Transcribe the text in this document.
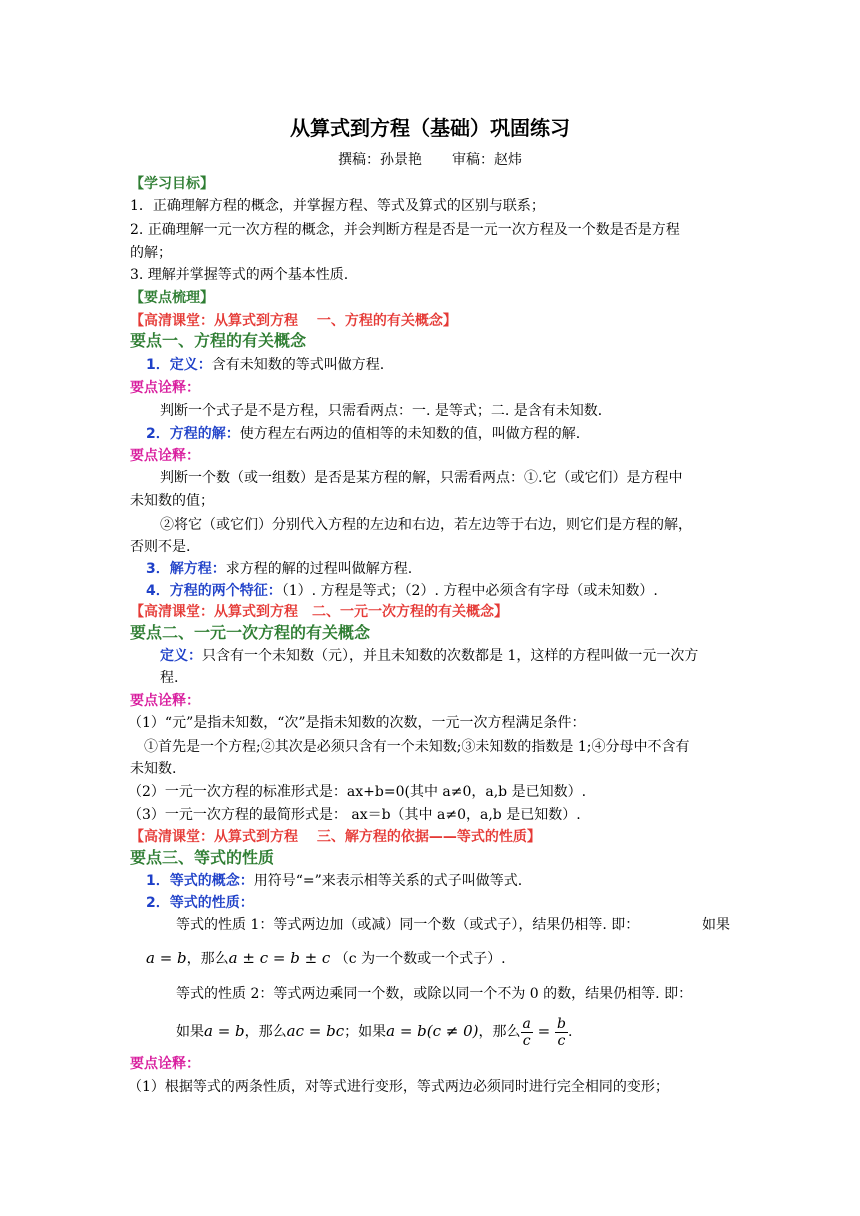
从算式到方程（基础）巩固练习
撰稿：孙景艳 审稿：赵炜
【学习目标】
1．正确理解方程的概念，并掌握方程、等式及算式的区别与联系；
2. 正确理解一元一次方程的概念，并会判断方程是否是一元一次方程及一个数是否是方程
的解；
3. 理解并掌握等式的两个基本性质.
【要点梳理】
【高清课堂：从算式到方程　 一、方程的有关概念】
要点一、方程的有关概念
1．定义：含有未知数的等式叫做方程.
要点诠释：
判断一个式子是不是方程，只需看两点：一. 是等式；二. 是含有未知数．
2．方程的解：使方程左右两边的值相等的未知数的值，叫做方程的解.
要点诠释：
判断一个数（或一组数）是否是某方程的解，只需看两点：①.它（或它们）是方程中
未知数的值；
②将它（或它们）分别代入方程的左边和右边，若左边等于右边，则它们是方程的解，
否则不是.
3．解方程：求方程的解的过程叫做解方程.
4．方程的两个特征：（1）. 方程是等式；（2）. 方程中必须含有字母（或未知数）.
【高清课堂：从算式到方程　二、一元一次方程的有关概念】
要点二、一元一次方程的有关概念
定义：只含有一个未知数（元），并且未知数的次数都是 1，这样的方程叫做一元一次方
程.
要点诠释：
（1）“元”是指未知数，“次”是指未知数的次数，一元一次方程满足条件：
①首先是一个方程;②其次是必须只含有一个未知数;③未知数的指数是 1;④分母中不含有
未知数.
（2）一元一次方程的标准形式是：ax+b=0(其中 a≠0，a,b 是已知数）.
（3）一元一次方程的最简形式是： ax＝b（其中 a≠0，a,b 是已知数）.
【高清课堂：从算式到方程　 三、解方程的依据——等式的性质】
要点三、等式的性质
1．等式的概念：用符号“=”来表示相等关系的式子叫做等式.
2．等式的性质：
等式的性质 1：等式两边加（或减）同一个数（或式子），结果仍相等. 即：	如果
a = b，那么a ± c = b ± c （c 为一个数或一个式子）.
等式的性质 2：等式两边乘同一个数，或除以同一个不为 0 的数，结果仍相等. 即：
如果a = b，那么ac = bc；如果a = b(c ≠ 0)，那么 $\frac{a}{c} = \frac{b}{c}$ .
要点诠释：
（1）根据等式的两条性质，对等式进行变形，等式两边必须同时进行完全相同的变形；
